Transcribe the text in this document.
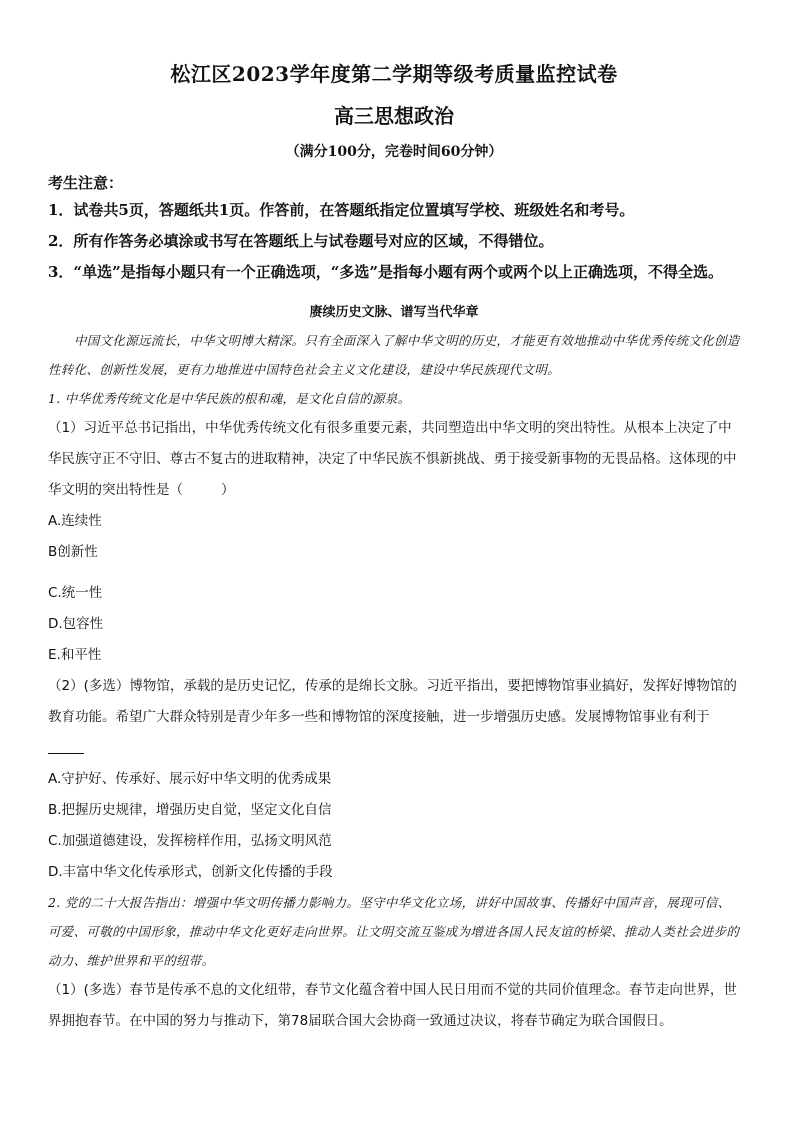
松江区2023学年度第二学期等级考质量监控试卷
高三思想政治
（满分100分，完卷时间60分钟）
考生注意：
1．试卷共5页，答题纸共1页。作答前，在答题纸指定位置填写学校、班级姓名和考号。
2．所有作答务必填涂或书写在答题纸上与试卷题号对应的区域，不得错位。
3．“单选”是指每小题只有一个正确选项，“多选”是指每小题有两个或两个以上正确选项，不得全选。
赓续历史文脉、谱写当代华章
中国文化源远流长，中华文明博大精深。只有全面深入了解中华文明的历史，才能更有效地推动中华优秀传统文化创造性转化、创新性发展，更有力地推进中国特色社会主义文化建设，建设中华民族现代文明。
1. 中华优秀传统文化是中华民族的根和魂，是文化自信的源泉。
（1）习近平总书记指出，中华优秀传统文化有很多重要元素，共同塑造出中华文明的突出特性。从根本上决定了中华民族守正不守旧、尊古不复古的进取精神，决定了中华民族不惧新挑战、勇于接受新事物的无畏品格。这体现的中华文明的突出特性是（	）
A.连续性
B创新性
C.统一性
D.包容性
E.和平性
（2）(多选）博物馆，承载的是历史记忆，传承的是绵长文脉。习近平指出，要把博物馆事业搞好，发挥好博物馆的教育功能。希望广大群众特别是青少年多一些和博物馆的深度接触，进一步增强历史感。发展博物馆事业有利于
A.守护好、传承好、展示好中华文明的优秀成果
B.把握历史规律，增强历史自觉，坚定文化自信
C.加强道德建设，发挥榜样作用，弘扬文明风范
D.丰富中华文化传承形式，创新文化传播的手段
2. 党的二十大报告指出：增强中华文明传播力影响力。坚守中华文化立场，讲好中国故事、传播好中国声音，展现可信、可爱、可敬的中国形象，推动中华文化更好走向世界。让文明交流互鉴成为增进各国人民友谊的桥梁、推动人类社会进步的动力、维护世界和平的纽带。
（1）(多选）春节是传承不息的文化纽带，春节文化蕴含着中国人民日用而不觉的共同价值理念。春节走向世界，世界拥抱春节。在中国的努力与推动下，第78届联合国大会协商一致通过决议，将春节确定为联合国假日。
